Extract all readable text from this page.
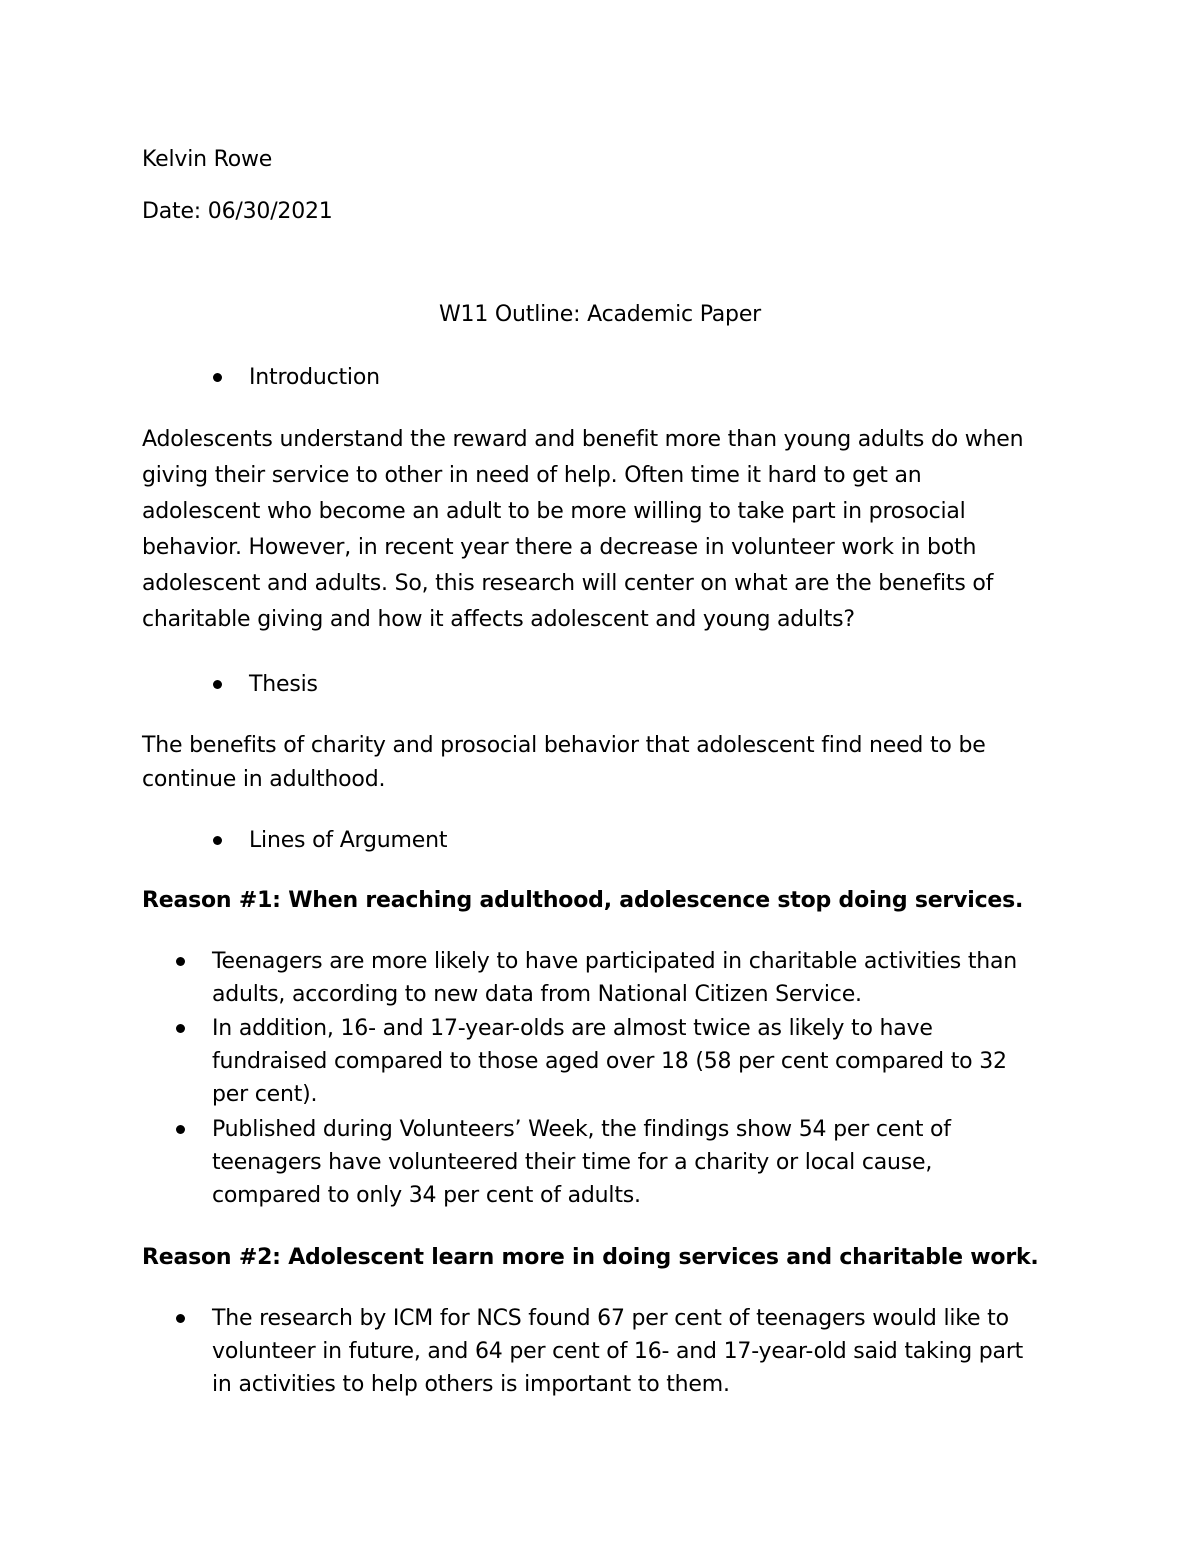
Kelvin Rowe
Date: 06/30/2021
W11 Outline: Academic Paper
Introduction
Adolescents understand the reward and benefit more than young adults do when
giving their service to other in need of help. Often time it hard to get an
adolescent who become an adult to be more willing to take part in prosocial
behavior. However, in recent year there a decrease in volunteer work in both
adolescent and adults. So, this research will center on what are the benefits of
charitable giving and how it affects adolescent and young adults?
Thesis
The benefits of charity and prosocial behavior that adolescent find need to be
continue in adulthood.
Lines of Argument
Reason #1: When reaching adulthood, adolescence stop doing services.
Teenagers are more likely to have participated in charitable activities than
adults, according to new data from National Citizen Service.
In addition, 16- and 17-year-olds are almost twice as likely to have
fundraised compared to those aged over 18 (58 per cent compared to 32
per cent).
Published during Volunteers’ Week, the findings show 54 per cent of
teenagers have volunteered their time for a charity or local cause,
compared to only 34 per cent of adults.
Reason #2: Adolescent learn more in doing services and charitable work.
The research by ICM for NCS found 67 per cent of teenagers would like to
volunteer in future, and 64 per cent of 16- and 17-year-old said taking part
in activities to help others is important to them.
